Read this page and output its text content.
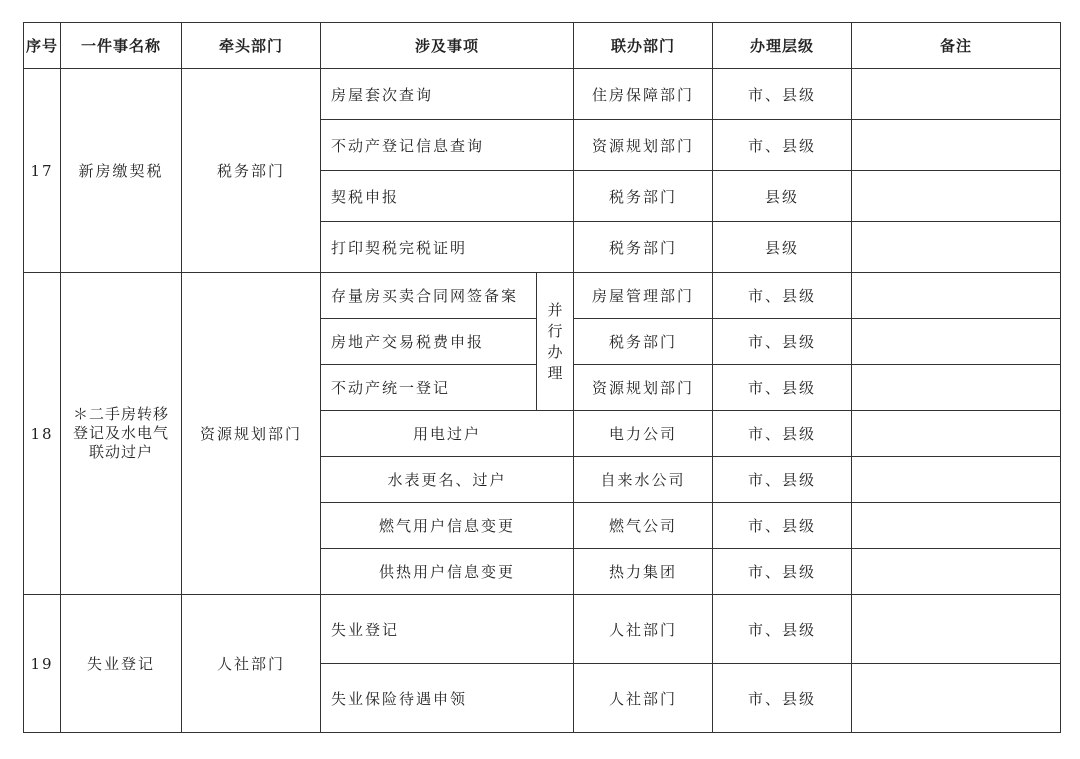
序号	一件事名称	牵头部门	涉及事项		联办部门	办理层级	备注
17	新房缴契税	税务部门	房屋套次查询		住房保障部门	市、县级	
			不动产登记信息查询		资源规划部门	市、县级	
			契税申报		税务部门	县级	
			打印契税完税证明		税务部门	县级	
18	＊二手房转移登记及水电气联动过户	资源规划部门	存量房买卖合同网签备案	并行办理	房屋管理部门	市、县级	
			房地产交易税费申报		税务部门	市、县级	
			不动产统一登记		资源规划部门	市、县级	
			用电过户		电力公司	市、县级	
			水表更名、过户		自来水公司	市、县级	
			燃气用户信息变更		燃气公司	市、县级	
			供热用户信息变更		热力集团	市、县级	
19	失业登记	人社部门	失业登记		人社部门	市、县级	
			失业保险待遇申领		人社部门	市、县级	
